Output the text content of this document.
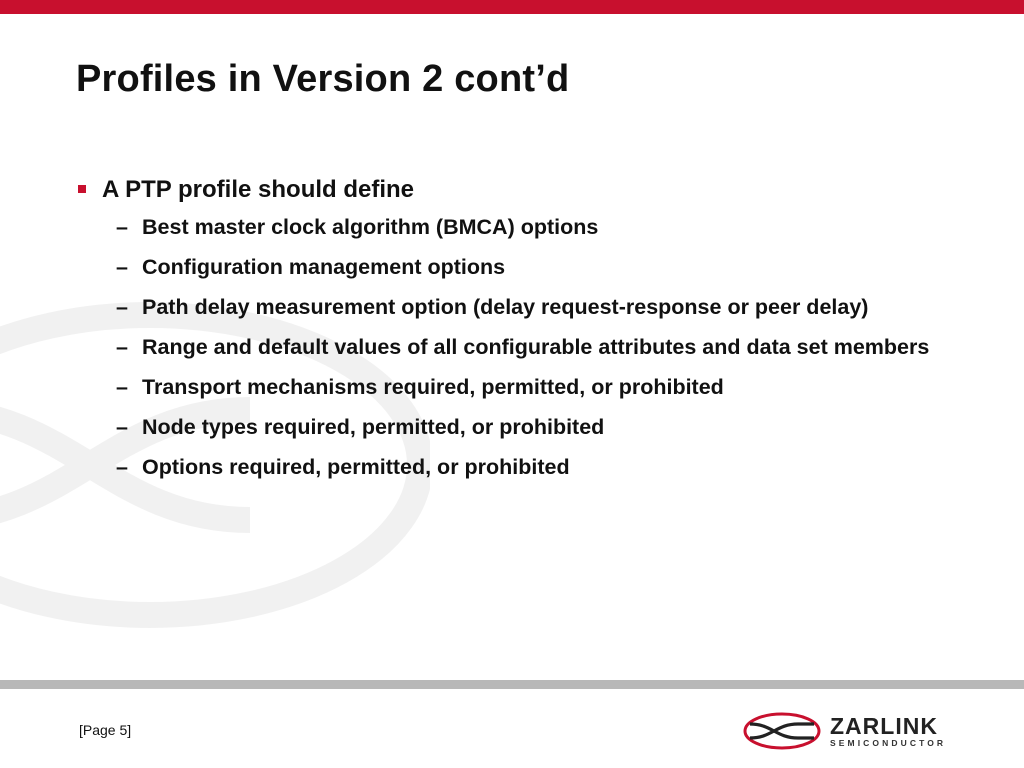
Profiles in Version 2 cont’d
A PTP profile should define
– Best master clock algorithm (BMCA) options
– Configuration management options
– Path delay measurement option (delay request-response or peer delay)
– Range and default values of all configurable attributes and data set members
– Transport mechanisms required, permitted, or prohibited
– Node types required, permitted, or prohibited
– Options required, permitted, or prohibited
[Page 5]	ZARLINK
SEMICONDUCTOR
